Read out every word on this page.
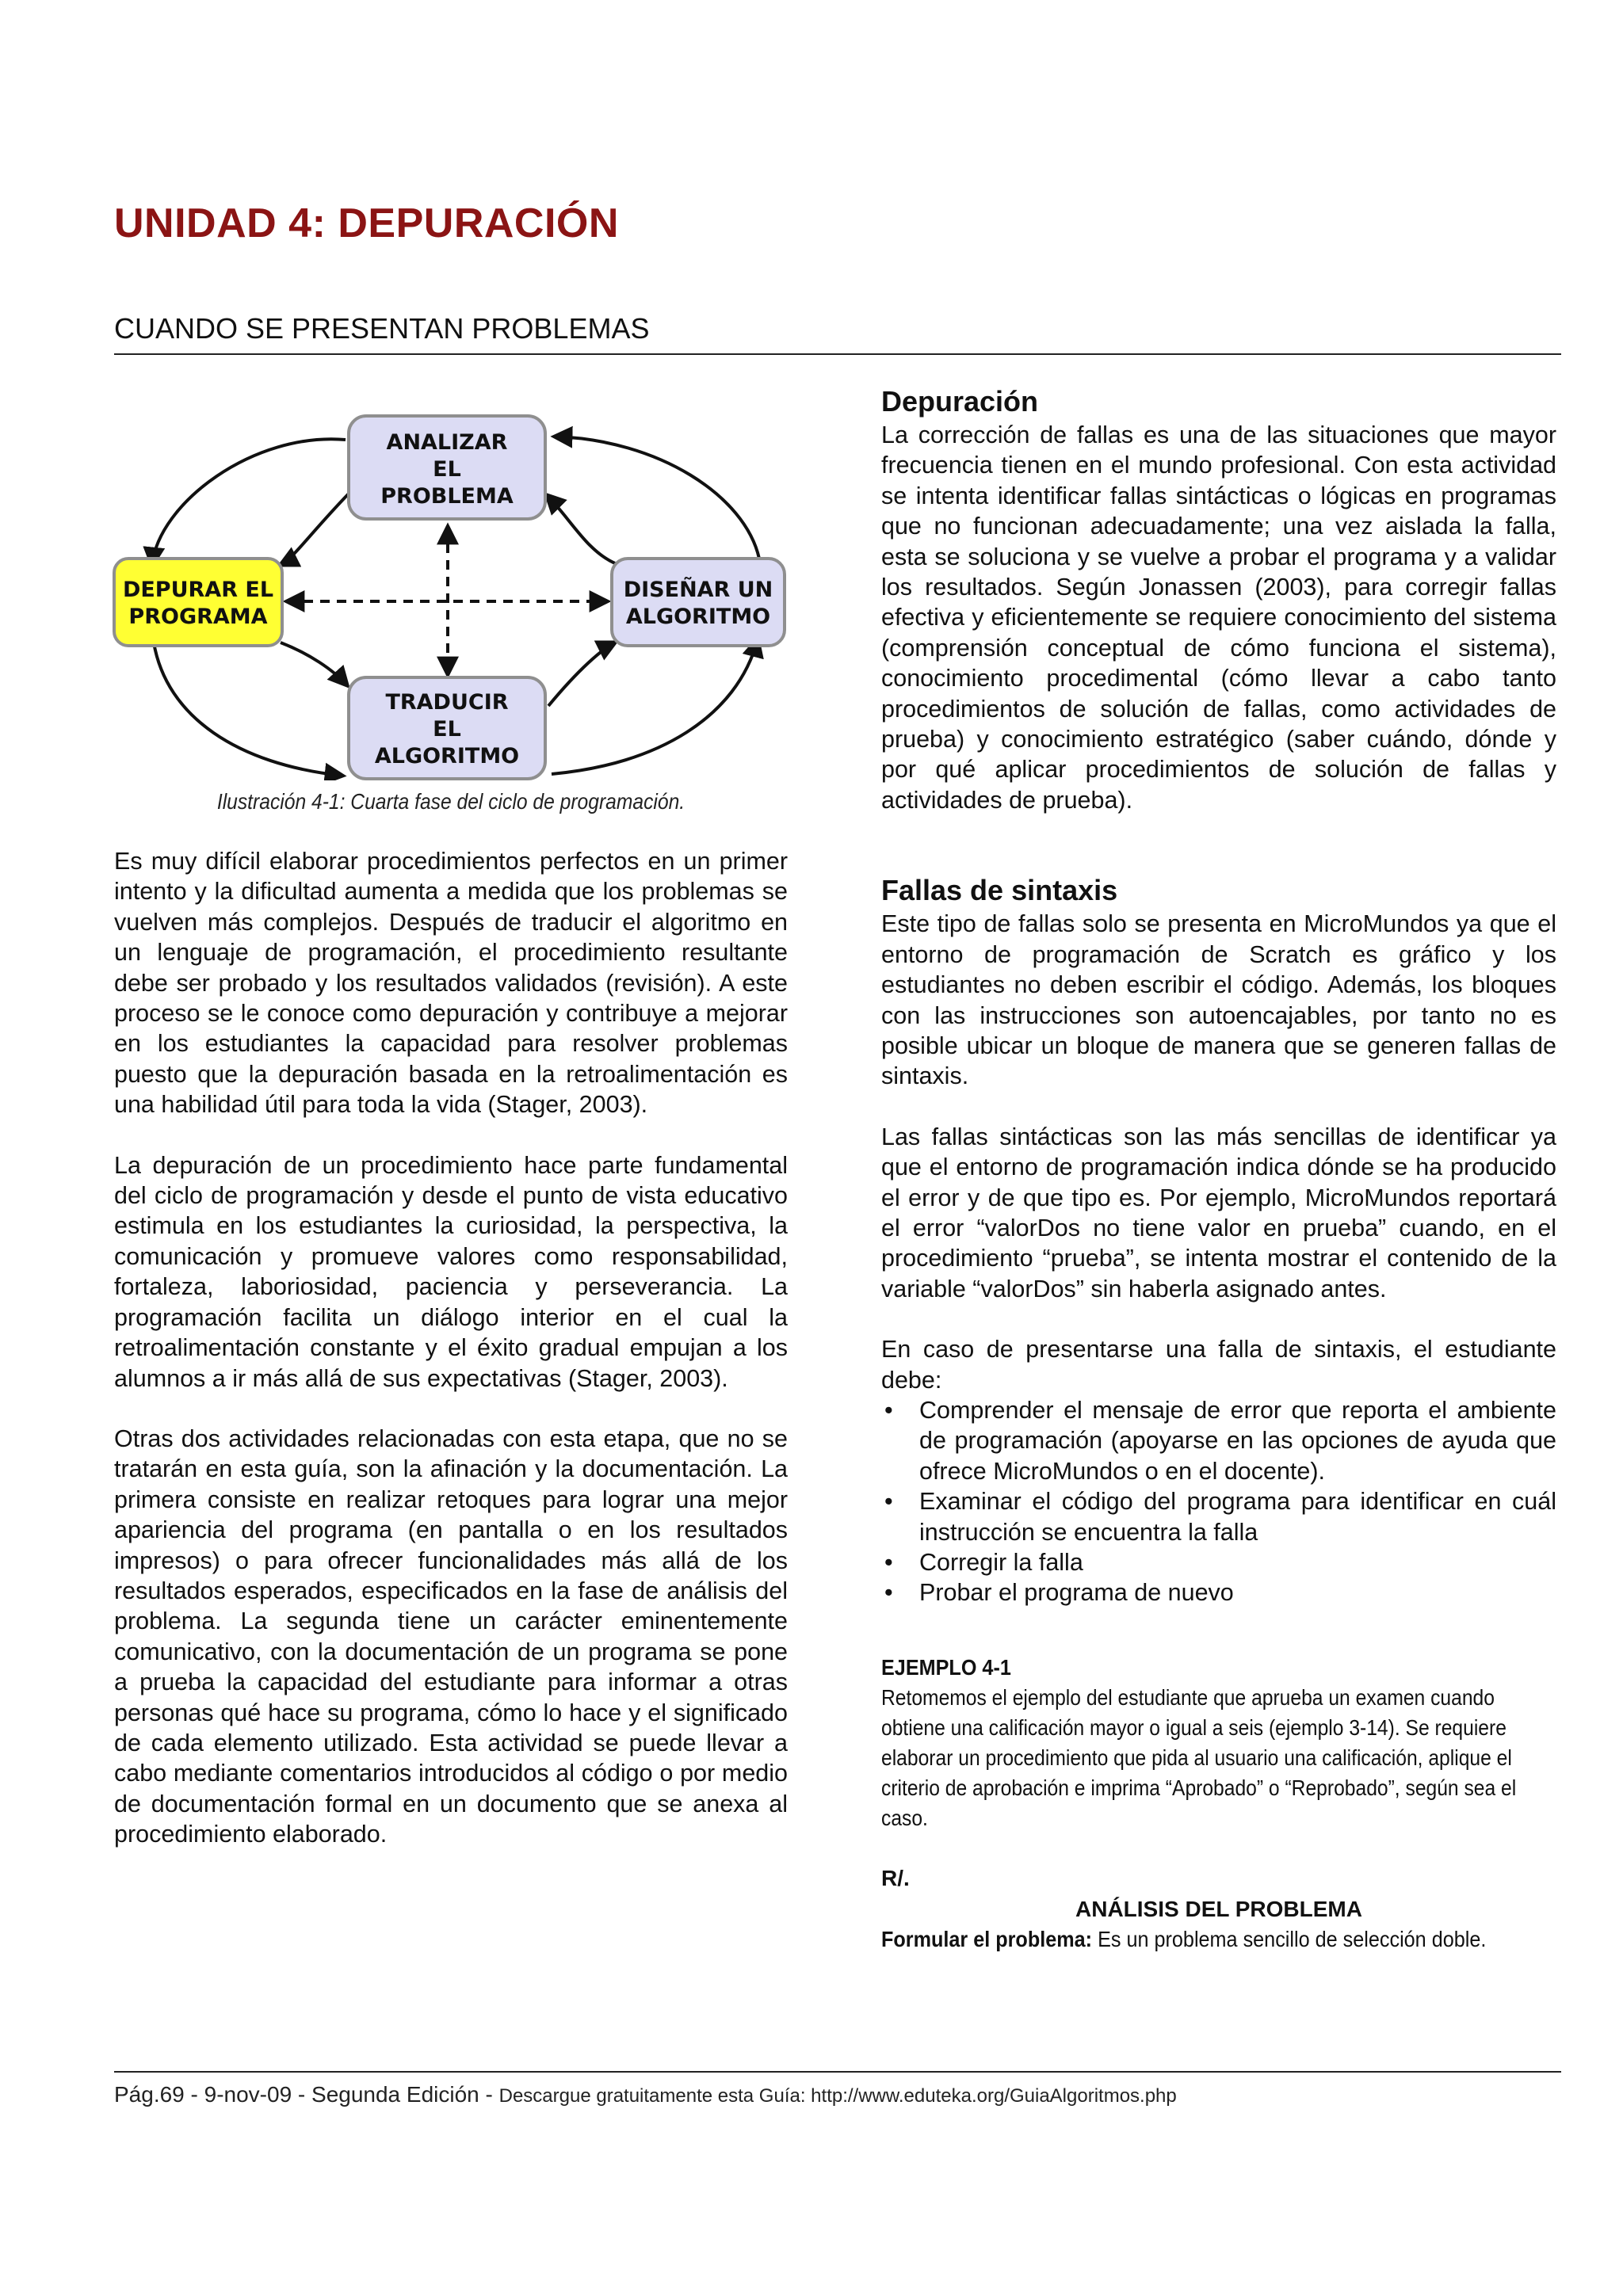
UNIDAD 4: DEPURACIÓN
CUANDO SE PRESENTAN PROBLEMAS
ANALIZAR
EL
PROBLEMA
DISEÑAR UN
ALGORITMO
DEPURAR EL
PROGRAMA
TRADUCIR
EL
ALGORITMO
Ilustración 4-1: Cuarta fase del ciclo de programación.

Es muy difícil elaborar procedimientos perfectos en un primer intento y la dificultad aumenta a medida que los problemas se vuelven más complejos. Después de traducir el algoritmo en un lenguaje de programación, el procedimiento resultante debe ser probado y los resultados validados (revisión). A este proceso se le conoce como depuración y contribuye a mejorar en los estudiantes la capacidad para resolver problemas puesto que la depuración basada en la retroalimentación es una habilidad útil para toda la vida (Stager, 2003).

La depuración de un procedimiento hace parte fundamental del ciclo de programación y desde el punto de vista educativo estimula en los estudiantes la curiosidad, la perspectiva, la comunicación y promueve valores como responsabilidad, fortaleza, laboriosidad, paciencia y perseverancia. La programación facilita un diálogo interior en el cual la retroalimentación constante y el éxito gradual empujan a los alumnos a ir más allá de sus expectativas (Stager, 2003).

Otras dos actividades relacionadas con esta etapa, que no se tratarán en esta guía, son la afinación y la documentación. La primera consiste en realizar retoques para lograr una mejor apariencia del programa (en pantalla o en los resultados impresos) o para ofrecer funcionalidades más allá de los resultados esperados, especificados en la fase de análisis del problema. La segunda tiene un carácter eminentemente comunicativo, con la documentación de un programa se pone a prueba la capacidad del estudiante para informar a otras personas qué hace su programa, cómo lo hace y el significado de cada elemento utilizado. Esta actividad se puede llevar a cabo mediante comentarios introducidos al código o por medio de documentación formal en un documento que se anexa al procedimiento elaborado.

Depuración

La corrección de fallas es una de las situaciones que mayor frecuencia tienen en el mundo profesional. Con esta actividad se intenta identificar fallas sintácticas o lógicas en programas que no funcionan adecuadamente; una vez aislada la falla, esta se soluciona y se vuelve a probar el programa y a validar los resultados. Según Jonassen (2003), para corregir fallas efectiva y eficientemente se requiere conocimiento del sistema (comprensión conceptual de cómo funciona el sistema), conocimiento procedimental (cómo llevar a cabo tanto procedimientos de solución de fallas, como actividades de prueba) y conocimiento estratégico (saber cuándo, dónde y por qué aplicar procedimientos de solución de fallas y actividades de prueba).

Fallas de sintaxis

Este tipo de fallas solo se presenta en MicroMundos ya que el entorno de programación de Scratch es gráfico y los estudiantes no deben escribir el código. Además, los bloques con las instrucciones son autoencajables, por tanto no es posible ubicar un bloque de manera que se generen fallas de sintaxis.

Las fallas sintácticas son las más sencillas de identificar ya que el entorno de programación indica dónde se ha producido el error y de que tipo es. Por ejemplo, MicroMundos reportará el error “valorDos no tiene valor en prueba” cuando, en el procedimiento “prueba”, se intenta mostrar el contenido de la variable “valorDos” sin haberla asignado antes.

En caso de presentarse una falla de sintaxis, el estudiante debe:

• Comprender el mensaje de error que reporta el ambiente de programación (apoyarse en las opciones de ayuda que ofrece MicroMundos o en el docente).
• Examinar el código del programa para identificar en cuál instrucción se encuentra la falla
• Corregir la falla
• Probar el programa de nuevo

EJEMPLO 4-1

Retomemos el ejemplo del estudiante que aprueba un examen cuando obtiene una calificación mayor o igual a seis (ejemplo 3-14). Se requiere elaborar un procedimiento que pida al usuario una calificación, aplique el criterio de aprobación e imprima “Aprobado” o “Reprobado”, según sea el caso.

R/.

ANÁLISIS DEL PROBLEMA

Formular el problema: Es un problema sencillo de selección doble.

Pág.69 - 9-nov-09 - Segunda Edición - Descargue gratuitamente esta Guía: http://www.eduteka.org/GuiaAlgoritmos.php
